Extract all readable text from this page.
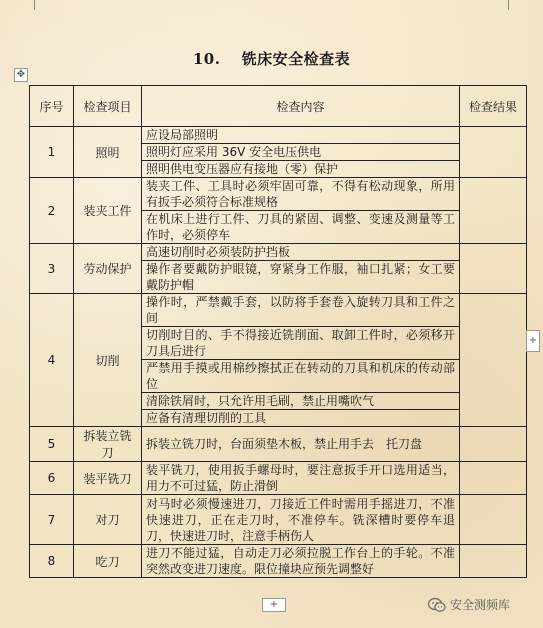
10.　 铣床安全检查表
✥
序号	检查项目	检查内容	检查结果
1	照明	应设局部照明	
		照明灯应采用 36V 安全电压供电	
		照明供电变压器应有接地（零）保护	
2	装夹工件	装夹工件、工具时必须牢固可靠，不得有松动现象，所用有扳手必须符合标准规格	
		在机床上进行工件、刀具的紧固、调整、变速及测量等工作时，必须停车	
3	劳动保护	高速切削时必须装防护挡板	
		操作者要戴防护眼镜，穿紧身工作服，袖口扎紧；女工要戴防护帽	
4	切削	操作时，严禁戴手套，以防将手套卷入旋转刀具和工件之间	
		切削时目的、手不得接近铣削面、取卸工件时，必须移开刀具后进行	
		严禁用手摸或用棉纱擦拭正在转动的刀具和机床的传动部位	
		清除铁屑时，只允许用毛刷，禁止用嘴吹气	
		应备有清理切削的工具	
5	拆装立铣刀	拆装立铣刀时，台面须垫木板，禁止用手去　托刀盘	
6	装平铣刀	装平铣刀，使用扳手螺母时，要注意扳手开口选用适当，用力不可过猛，防止滑倒	
7	对刀	对马时必须慢速进刀，刀接近工件时需用手摇进刀，不准快速进刀，正在走刀时，不准停车。铣深槽时要停车退刀，快速进刀时，注意手柄伤人	
8	吃刀	进刀不能过猛，自动走刀必须拉脱工作台上的手轮。不准突然改变进刀速度。限位撞块应预先调整好	
+
+	安全测频库
